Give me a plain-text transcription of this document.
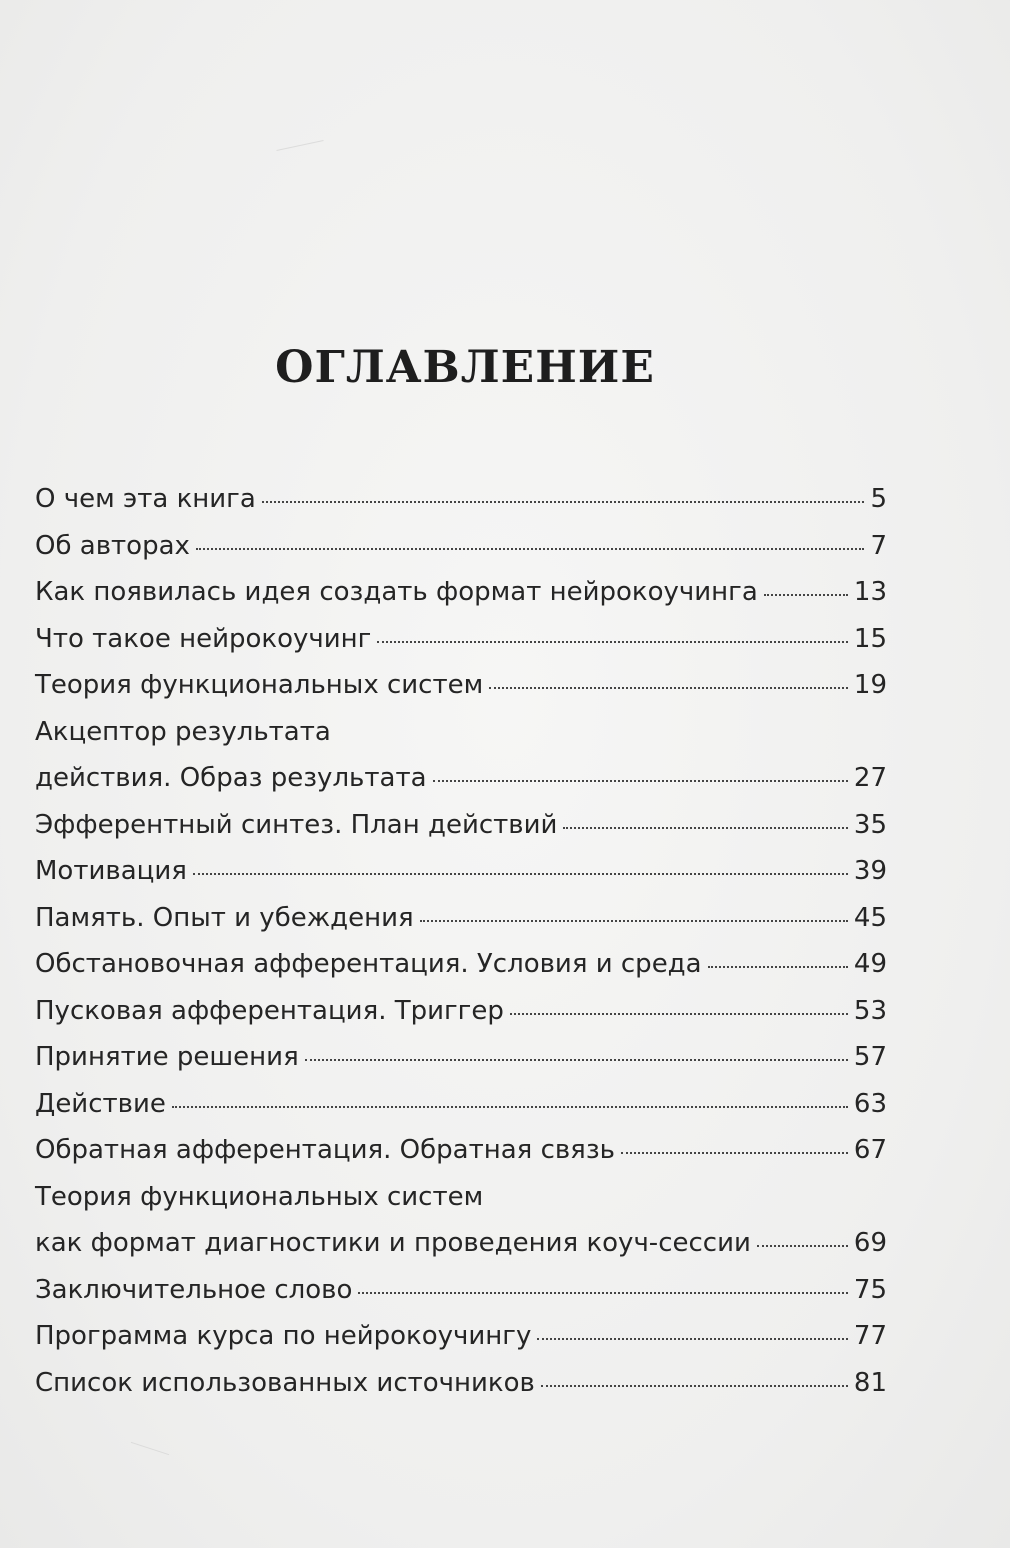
ОГЛАВЛЕНИЕ
О чем эта книга	5
Об авторах	7
Как появилась идея создать формат нейрокоучинга	13
Что такое нейрокоучинг	15
Теория функциональных систем	19
Акцептор результата
действия. Образ результата	27
Эфферентный синтез. План действий	35
Мотивация	39
Память. Опыт и убеждения	45
Обстановочная афферентация. Условия и среда	49
Пусковая афферентация. Триггер	53
Принятие решения	57
Действие	63
Обратная афферентация. Обратная связь	67
Теория функциональных систем
как формат диагностики и проведения коуч-сессии	69
Заключительное слово	75
Программа курса по нейрокоучингу	77
Список использованных источников	81
